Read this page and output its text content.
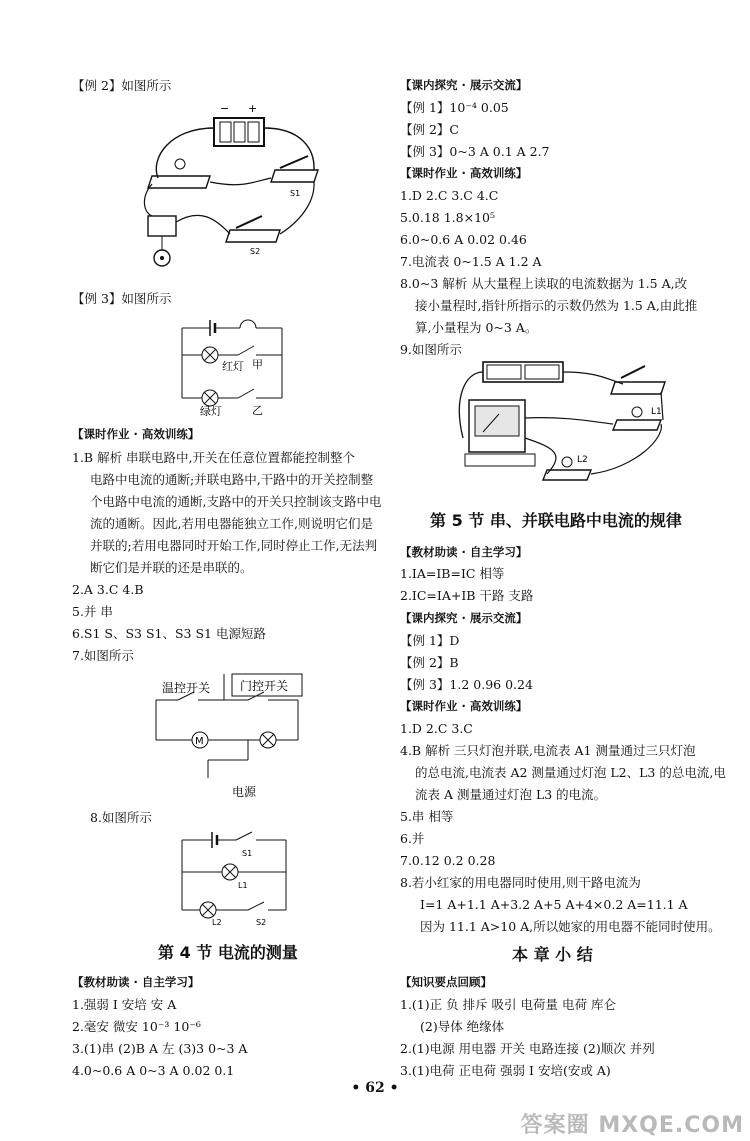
【例 2】如图所示
− +
S1
S2
【例 3】如图所示
红灯 甲
绿灯	乙
【课时作业 · 高效训练】
1.B 解析 串联电路中,开关在任意位置都能控制整个
电路中电流的通断;并联电路中,干路中的开关控制整
个电路中电流的通断,支路中的开关只控制该支路中电
流的通断。因此,若用电器能独立工作,则说明它们是
并联的;若用电器同时开始工作,同时停止工作,无法判
断它们是并联的还是串联的。
2.A 3.C 4.B
5.并 串
6.S1 S、S3 S1、S3 S1 电源短路
7.如图所示
温控开关 门控开关
M
电源
8.如图所示
S1
L1
L2	S2
第 4 节 电流的测量
【教材助读 · 自主学习】
1.强弱 I 安培 安 A
2.毫安 微安 10⁻³ 10⁻⁶
3.(1)串 (2)B A 左 (3)3 0~3 A
4.0~0.6 A 0~3 A 0.02 0.1
【课内探究 · 展示交流】
【例 1】10⁻⁴ 0.05
【例 2】C
【例 3】0~3 A 0.1 A 2.7
【课时作业 · 高效训练】
1.D 2.C 3.C 4.C
5.0.18 1.8×10⁵
6.0~0.6 A 0.02 0.46
7.电流表 0~1.5 A 1.2 A
8.0~3 解析 从大量程上读取的电流数据为 1.5 A,改
接小量程时,指针所指示的示数仍然为 1.5 A,由此推
算,小量程为 0~3 A。
9.如图所示
L1
L2
第 5 节 串、并联电路中电流的规律
【教材助读 · 自主学习】
1.IA=IB=IC 相等
2.IC=IA+IB 干路 支路
【课内探究 · 展示交流】
【例 1】D
【例 2】B
【例 3】1.2 0.96 0.24
【课时作业 · 高效训练】
1.D 2.C 3.C
4.B 解析 三只灯泡并联,电流表 A1 测量通过三只灯泡
的总电流,电流表 A2 测量通过灯泡 L2、L3 的总电流,电
流表 A 测量通过灯泡 L3 的电流。
5.串 相等
6.并
7.0.12 0.2 0.28
8.若小红家的用电器同时使用,则干路电流为
I=1 A+1.1 A+3.2 A+5 A+4×0.2 A=11.1 A
因为 11.1 A>10 A,所以她家的用电器不能同时使用。
本 章 小 结
【知识要点回顾】
1.(1)正 负 排斥 吸引 电荷量 电荷 库仑
(2)导体 绝缘体
2.(1)电源 用电器 开关 电路连接 (2)顺次 并列
3.(1)电荷 正电荷 强弱 I 安培(安或 A)
• 62 •
答案圈 MXQE.COM
